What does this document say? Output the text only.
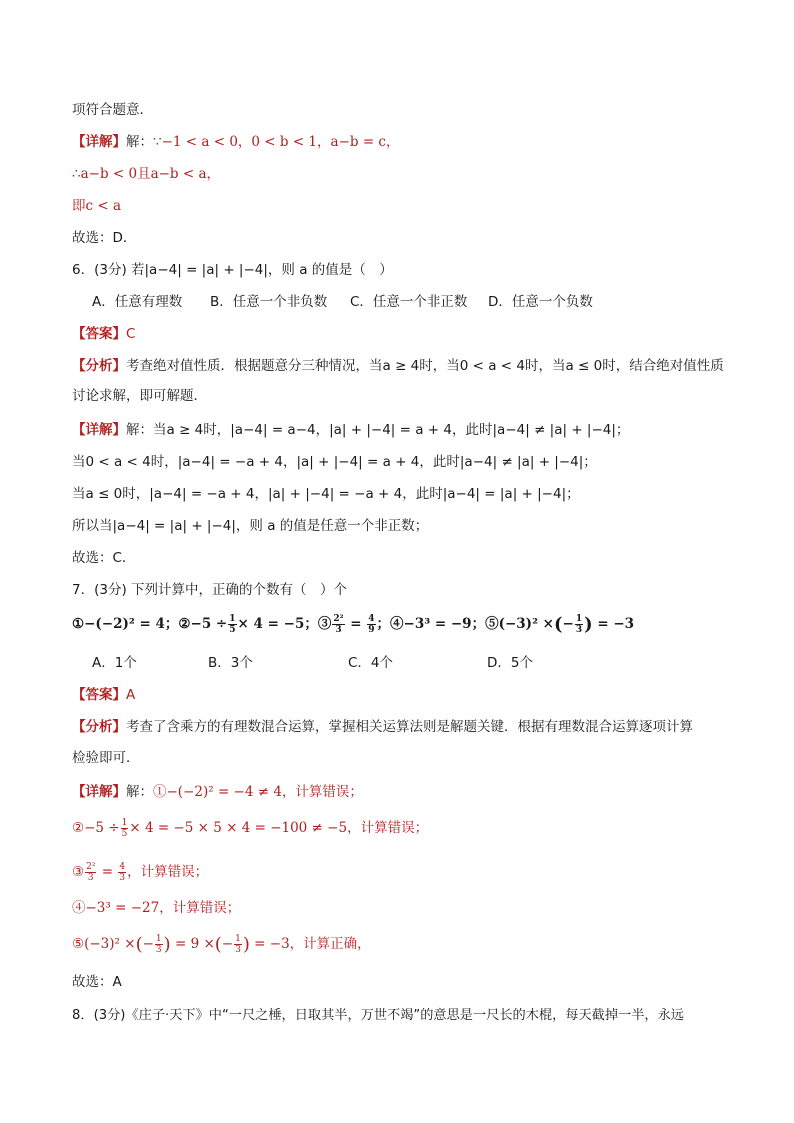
项符合题意．
【详解】解：∵−1 < a < 0，0 < b < 1，a−b = c，
∴a−b < 0且a−b < a，
即c < a
故选：D．
6．(3分) 若|a−4| = |a| + |−4|，则 a 的值是（　）
A．任意有理数 B．任意一个非负数 C．任意一个非正数 D．任意一个负数
【答案】C
【分析】考查绝对值性质．根据题意分三种情况，当a ≥ 4时，当0 < a < 4时，当a ≤ 0时，结合绝对值性质
讨论求解，即可解题．
【详解】解：当a ≥ 4时，|a−4| = a−4，|a| + |−4| = a + 4，此时|a−4| ≠ |a| + |−4|；
当0 < a < 4时，|a−4| = −a + 4，|a| + |−4| = a + 4，此时|a−4| ≠ |a| + |−4|；
当a ≤ 0时，|a−4| = −a + 4，|a| + |−4| = −a + 4，此时|a−4| = |a| + |−4|；
所以当|a−4| = |a| + |−4|，则 a 的值是任意一个非正数；
故选：C．
7．(3分) 下列计算中，正确的个数有（　）个
①−(−2)² = 4；②−5 ÷ $\frac{1}{5} \times 4 = -5$；③ $\frac{\text{2²}}{3} = \frac{4}{9}$ ；④−3³ = −9；⑤(−3)² ×(− $\frac{1}{3}$ ) = −3
A．1个	B．3个	C．4个	D．5个
【答案】A
【分析】考查了含乘方的有理数混合运算，掌握相关运算法则是解题关键．根据有理数混合运算逐项计算
检验即可．
【详解】解：①−(−2)² = −4 ≠ 4，计算错误；
②−5 ÷ $\frac{1}{5} \times 4 = -5 \times 5 \times 4 = -100 \ne -5$，计算错误；
③ $\frac{\text{2²}}{3} = \frac{4}{3}$ ，计算错误；
④−3³ = −27，计算错误；
⑤(−3)² ×(− $\frac{1}{3}$ ) = 9 ×(− $\frac{1}{3}$ ) = −3，计算正确，
故选：A
8．(3分)《庄子·天下》中“一尺之棰，日取其半，万世不竭”的意思是一尺长的木棍，每天截掉一半，永远
